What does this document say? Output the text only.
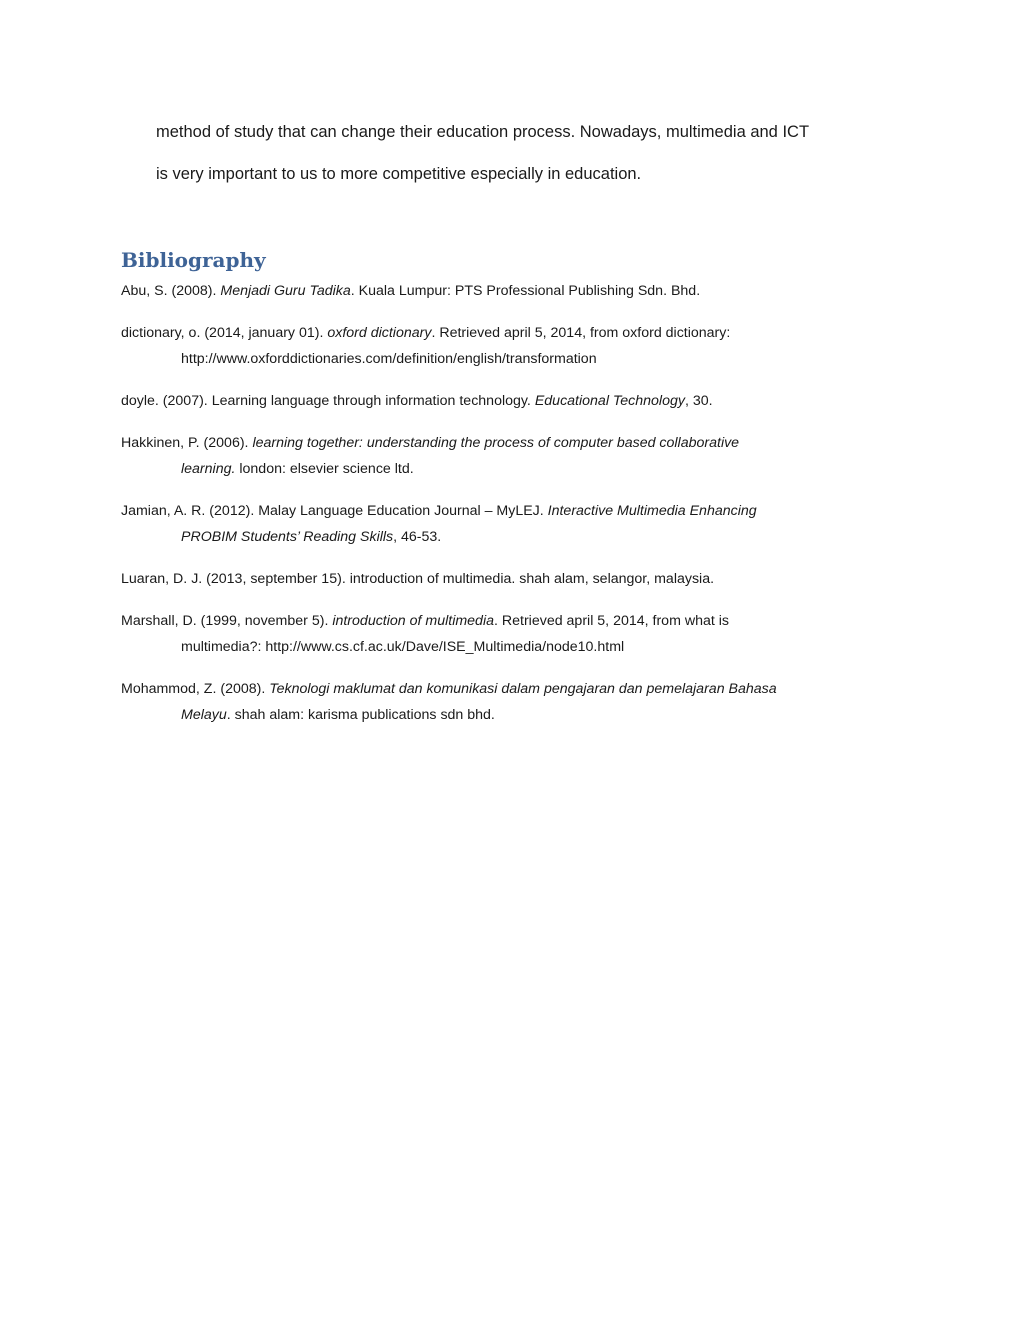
method of study that can change their education process. Nowadays, multimedia and ICT
is very important to us to more competitive especially in education.
Bibliography

Abu, S. (2008). Menjadi Guru Tadika. Kuala Lumpur: PTS Professional Publishing Sdn. Bhd.

dictionary, o. (2014, january 01). oxford dictionary. Retrieved april 5, 2014, from oxford dictionary:
http://www.oxforddictionaries.com/definition/english/transformation

doyle. (2007). Learning language through information technology. Educational Technology, 30.

Hakkinen, P. (2006). learning together: understanding the process of computer based collaborative
learning. london: elsevier science ltd.

Jamian, A. R. (2012). Malay Language Education Journal – MyLEJ. Interactive Multimedia Enhancing
PROBIM Students’ Reading Skills, 46-53.

Luaran, D. J. (2013, september 15). introduction of multimedia. shah alam, selangor, malaysia.

Marshall, D. (1999, november 5). introduction of multimedia. Retrieved april 5, 2014, from what is
multimedia?: http://www.cs.cf.ac.uk/Dave/ISE_Multimedia/node10.html

Mohammod, Z. (2008). Teknologi maklumat dan komunikasi dalam pengajaran dan pemelajaran Bahasa
Melayu. shah alam: karisma publications sdn bhd.
